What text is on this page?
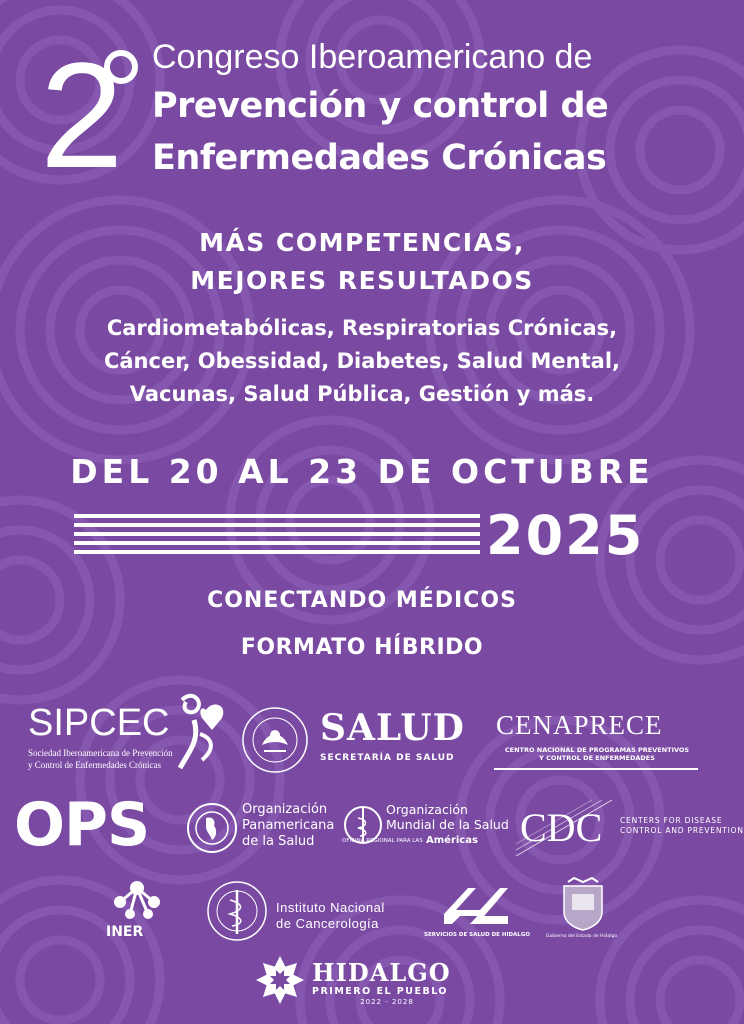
2 Congreso Iberoamericano de
Prevención y control de
Enfermedades Crónicas
MÁS COMPETENCIAS,
MEJORES RESULTADOS
Cardiometabólicas, Respiratorias Crónicas,
Cáncer, Obessidad, Diabetes, Salud Mental,
Vacunas, Salud Pública, Gestión y más.
DEL 20 AL 23 DE OCTUBRE
2025
CONECTANDO MÉDICOS
FORMATO HÍBRIDO
SIPCEC
Sociedad Iberoamericana de Prevención
y Control de Enfermedades Crónicas
SALUD
SECRETARÍA DE SALUD
CENAPRECE
CENTRO NACIONAL DE PROGRAMAS PREVENTIVOS
Y CONTROL DE ENFERMEDADES
OPS	Organización
Panamericana
de la Salud
Organización
Mundial de la Salud
OFICINA REGIONAL PARA LAS Américas CDC CENTERS FOR DISEASE
CONTROL AND PREVENTION
INER
Instituto Nacional
de Cancerología
SERVICIOS DE SALUD DE HIDALGO	Gobierno del Estado de Hidalgo
HIDALGO
PRIMERO EL PUEBLO
2022 - 2028
